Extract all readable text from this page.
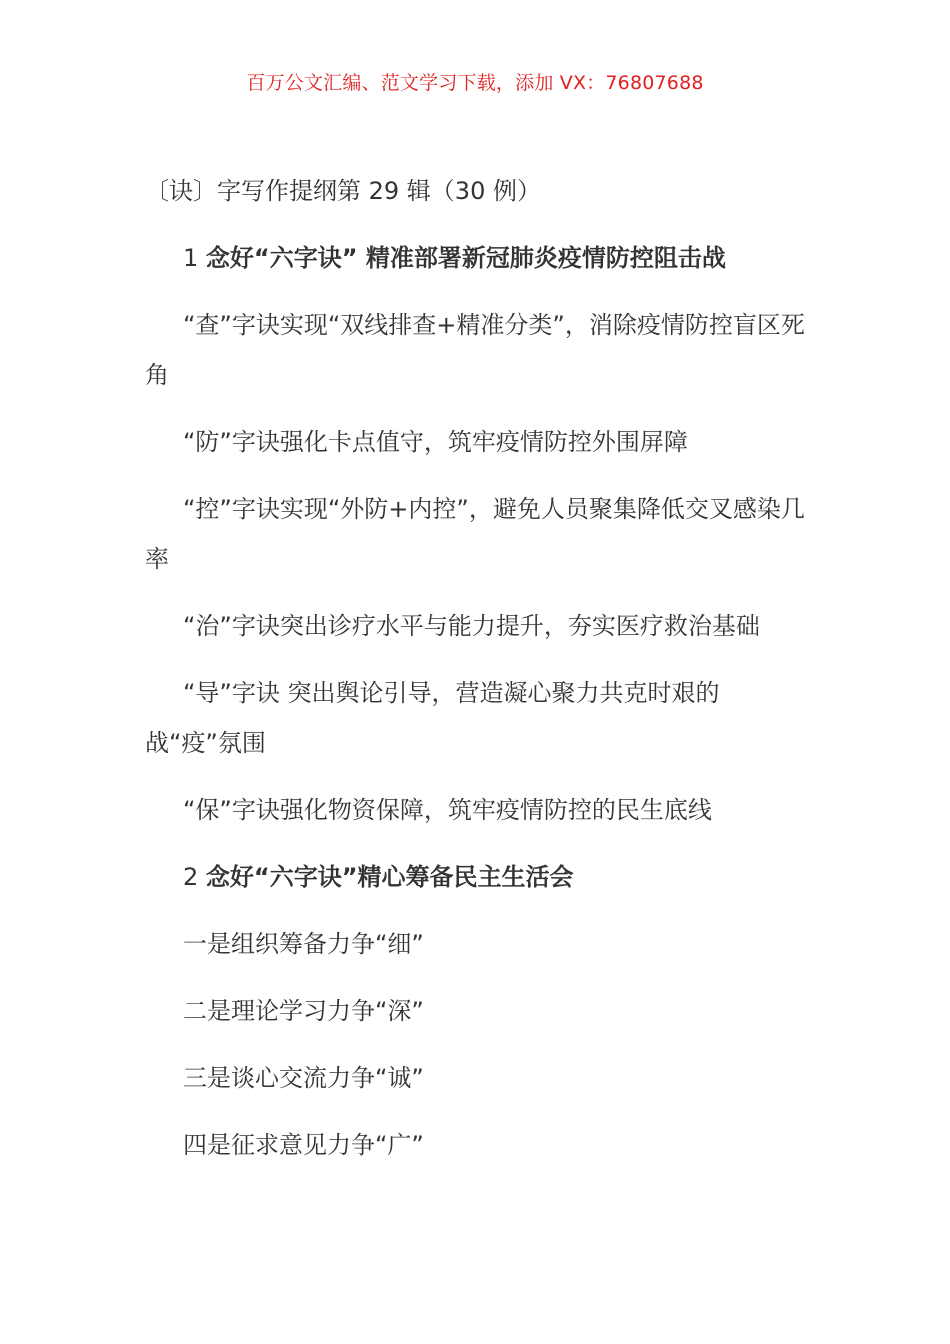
百万公文汇编、范文学习下载，添加 VX：76807688

〔诀〕字写作提纲第 29 辑（30 例）

1 念好“六字诀” 精准部署新冠肺炎疫情防控阻击战

“查”字诀实现“双线排查+精准分类”，消除疫情防控盲区死角

“防”字诀强化卡点值守，筑牢疫情防控外围屏障

“控”字诀实现“外防+内控”，避免人员聚集降低交叉感染几率

“治”字诀突出诊疗水平与能力提升，夯实医疗救治基础

“导”字诀 突出舆论引导，营造凝心聚力共克时艰的战“疫”氛围

“保”字诀强化物资保障，筑牢疫情防控的民生底线

2 念好“六字诀”精心筹备民主生活会

一是组织筹备力争“细”

二是理论学习力争“深”

三是谈心交流力争“诚”

四是征求意见力争“广”
